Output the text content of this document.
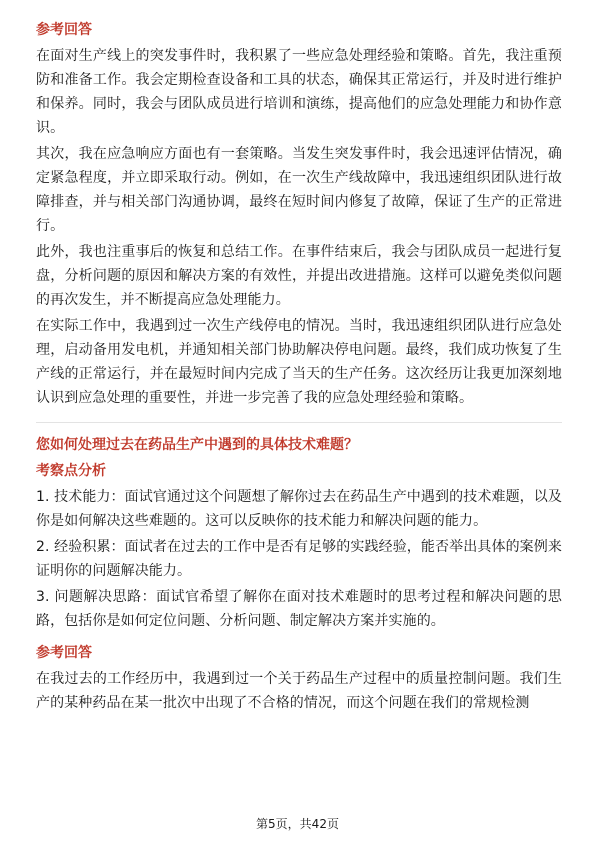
参考回答

在面对生产线上的突发事件时，我积累了一些应急处理经验和策略。首先，我注重预防和准备工作。我会定期检查设备和工具的状态，确保其正常运行，并及时进行维护和保养。同时，我会与团队成员进行培训和演练，提高他们的应急处理能力和协作意识。

其次，我在应急响应方面也有一套策略。当发生突发事件时，我会迅速评估情况，确定紧急程度，并立即采取行动。例如，在一次生产线故障中，我迅速组织团队进行故障排查，并与相关部门沟通协调，最终在短时间内修复了故障，保证了生产的正常进行。

此外，我也注重事后的恢复和总结工作。在事件结束后，我会与团队成员一起进行复盘，分析问题的原因和解决方案的有效性，并提出改进措施。这样可以避免类似问题的再次发生，并不断提高应急处理能力。

在实际工作中，我遇到过一次生产线停电的情况。当时，我迅速组织团队进行应急处理，启动备用发电机，并通知相关部门协助解决停电问题。最终，我们成功恢复了生产线的正常运行，并在最短时间内完成了当天的生产任务。这次经历让我更加深刻地认识到应急处理的重要性，并进一步完善了我的应急处理经验和策略。

您如何处理过去在药品生产中遇到的具体技术难题？
考察点分析

1. 技术能力：面试官通过这个问题想了解你过去在药品生产中遇到的技术难题，以及你是如何解决这些难题的。这可以反映你的技术能力和解决问题的能力。

2. 经验积累：面试者在过去的工作中是否有足够的实践经验，能否举出具体的案例来证明你的问题解决能力。

3. 问题解决思路：面试官希望了解你在面对技术难题时的思考过程和解决问题的思路，包括你是如何定位问题、分析问题、制定解决方案并实施的。

参考回答

在我过去的工作经历中，我遇到过一个关于药品生产过程中的质量控制问题。我们生产的某种药品在某一批次中出现了不合格的情况，而这个问题在我们的常规检测

第5页，共42页
